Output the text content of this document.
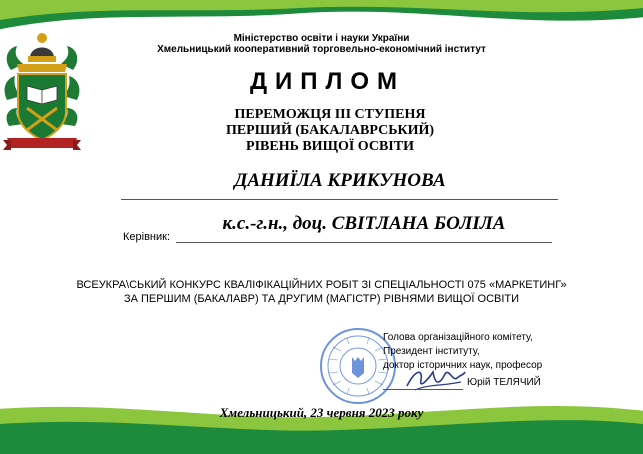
Міністерство освіти і науки України
Хмельницький кооперативний торговельно-економічний інститут
ДИПЛОМ
ПЕРЕМОЖЦЯ ІІІ СТУПЕНЯ
ПЕРШИЙ (БАКАЛАВРСЬКИЙ)
РІВЕНЬ ВИЩОЇ ОСВІТИ
ДАНИЇЛА КРИКУНОВА
Керівник:
к.с.-г.н., доц. СВІТЛАНА БОЛІЛА
ВСЕУКРА\СЬКИЙ КОНКУРС КВАЛІФІКАЦІЙНИХ РОБІТ ЗІ СПЕЦІАЛЬНОСТІ 075 «МАРКЕТИНГ»
ЗА ПЕРШИМ (БАКАЛАВР) ТА ДРУГИМ (МАГІСТР) РІВНЯМИ ВИЩОЇ ОСВІТИ
Голова організаційного комітету,
Президент інституту,
доктор історичних наук, професор
Юрій ТЕЛЯЧИЙ
Хмельницький, 23 червня 2023 року
